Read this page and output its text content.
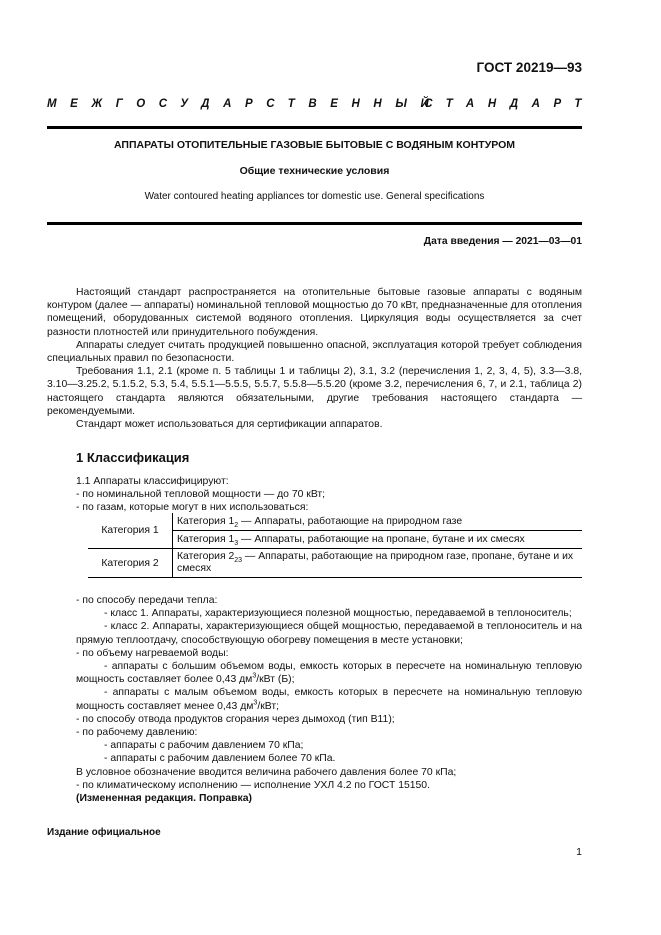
ГОСТ 20219—93
МЕЖГОСУДАРСТВЕННЫЙ
СТАНДАРТ
АППАРАТЫ ОТОПИТЕЛЬНЫЕ ГАЗОВЫЕ БЫТОВЫЕ С ВОДЯНЫМ КОНТУРОМ
Общие технические условия
Water contoured heating appliances tor domestic use. General specifications
Дата введения — 2021—03—01

Настоящий стандарт распространяется на отопительные бытовые газовые аппараты с водяным контуром (далее — аппараты) номинальной тепловой мощностью до 70 кВт, предназначенные для отопления помещений, оборудованных системой водяного отопления. Циркуляция воды осуществляется за счет разности плотностей или принудительного побуждения.

Аппараты следует считать продукцией повышенно опасной, эксплуатация которой требует соблюдения специальных правил по безопасности.

Требования 1.1, 2.1 (кроме п. 5 таблицы 1 и таблицы 2), 3.1, 3.2 (перечисления 1, 2, 3, 4, 5), 3.3—3.8, 3.10—3.25.2, 5.1.5.2, 5.3, 5.4, 5.5.1—5.5.5, 5.5.7, 5.5.8—5.5.20 (кроме 3.2, перечисления 6, 7, и 2.1, таблица 2) настоящего стандарта являются обязательными, другие требования настоящего стандарта — рекомендуемыми.

Стандарт может использоваться для сертификации аппаратов.

1 Классификация

1.1 Аппараты классифицируют:

- по номинальной тепловой мощности — до 70 кВт;

- по газам, которые могут в них использоваться:

Категория 1	Категория $1_2$ — Аппараты, работающие на природном газе
	Категория $1_3$ — Аппараты, работающие на пропане, бутане и их смесях
Категория 2	Категория $2_{23}$ — Аппараты, работающие на природном газе, пропане, бутане и их смесях

- по способу передачи тепла:

- класс 1. Аппараты, характеризующиеся полезной мощностью, передаваемой в теплоноситель;

- класс 2. Аппараты, характеризующиеся общей мощностью, передаваемой в теплоноситель и на прямую теплоотдачу, способствующую обогреву помещения в месте установки;

- по объему нагреваемой воды:

- аппараты с большим объемом воды, емкость которых в пересчете на номинальную тепловую мощность составляет более 0,43 $дм^3$/кВт (Б);

- аппараты с малым объемом воды, емкость которых в пересчете на номинальную тепловую мощность составляет менее 0,43 $дм^3$/кВт;

- по способу отвода продуктов сгорания через дымоход (тип В11);

- по рабочему давлению:

- аппараты с рабочим давлением 70 кПа;

- аппараты с рабочим давлением более 70 кПа.

В условное обозначение вводится величина рабочего давления более 70 кПа;

- по климатическому исполнению — исполнение УХЛ 4.2 по ГОСТ 15150.

(Измененная редакция. Поправка)

Издание официальное
1
